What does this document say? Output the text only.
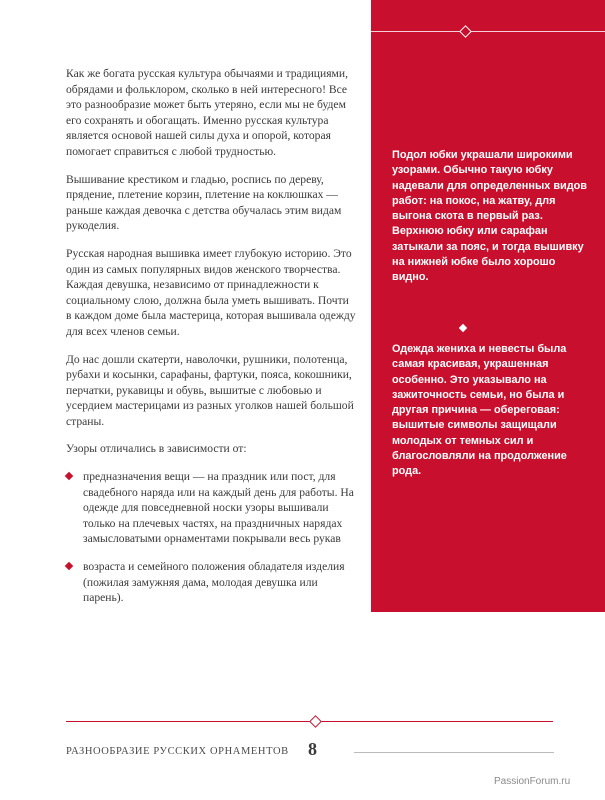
Как же богата русская культура обычаями и традициями, обрядами и фольклором, сколько в ней интересного! Все это разнообразие может быть утеряно, если мы не будем его сохранять и обогащать. Именно русская культура является основой нашей силы духа и опорой, которая помогает справиться с любой трудностью.

Вышивание крестиком и гладью, роспись по дереву, прядение, плетение корзин, плетение на коклюшках — раньше каждая девочка с детства обучалась этим видам рукоделия.

Русская народная вышивка имеет глубокую историю. Это один из самых популярных видов женского творчества. Каждая девушка, независимо от принадлежности к социальному слою, должна была уметь вышивать. Почти в каждом доме была мастерица, которая вышивала одежду для всех членов семьи.

До нас дошли скатерти, наволочки, рушники, полотенца, рубахи и косынки, сарафаны, фартуки, пояса, кокошники, перчатки, рукавицы и обувь, вышитые с любовью и усердием мастерицами из разных уголков нашей большой страны.

Узоры отличались в зависимости от:

предназначения вещи — на праздник или пост, для свадебного наряда или на каждый день для работы. На одежде для повседневной носки узоры вышивали только на плечевых частях, на праздничных нарядах замысловатыми орнаментами покрывали весь рукав
возраста и семейного положения обладателя изделия (пожилая замужняя дама, молодая девушка или парень).
Подол юбки украшали широкими узорами. Обычно такую юбку надевали для определенных видов работ: на покос, на жатву, для выгона скота в первый раз. Верхнюю юбку или сарафан затыкали за пояс, и тогда вышивку на нижней юбке было хорошо видно.
Одежда жениха и невесты была самая красивая, украшенная особенно. Это указывало на зажиточность семьи, но была и другая причина — обереговая: вышитые символы защищали молодых от темных сил и благословляли на продолжение рода.
РАЗНООБРАЗИЕ РУССКИХ ОРНАМЕНТОВ 8
PassionForum.ru
